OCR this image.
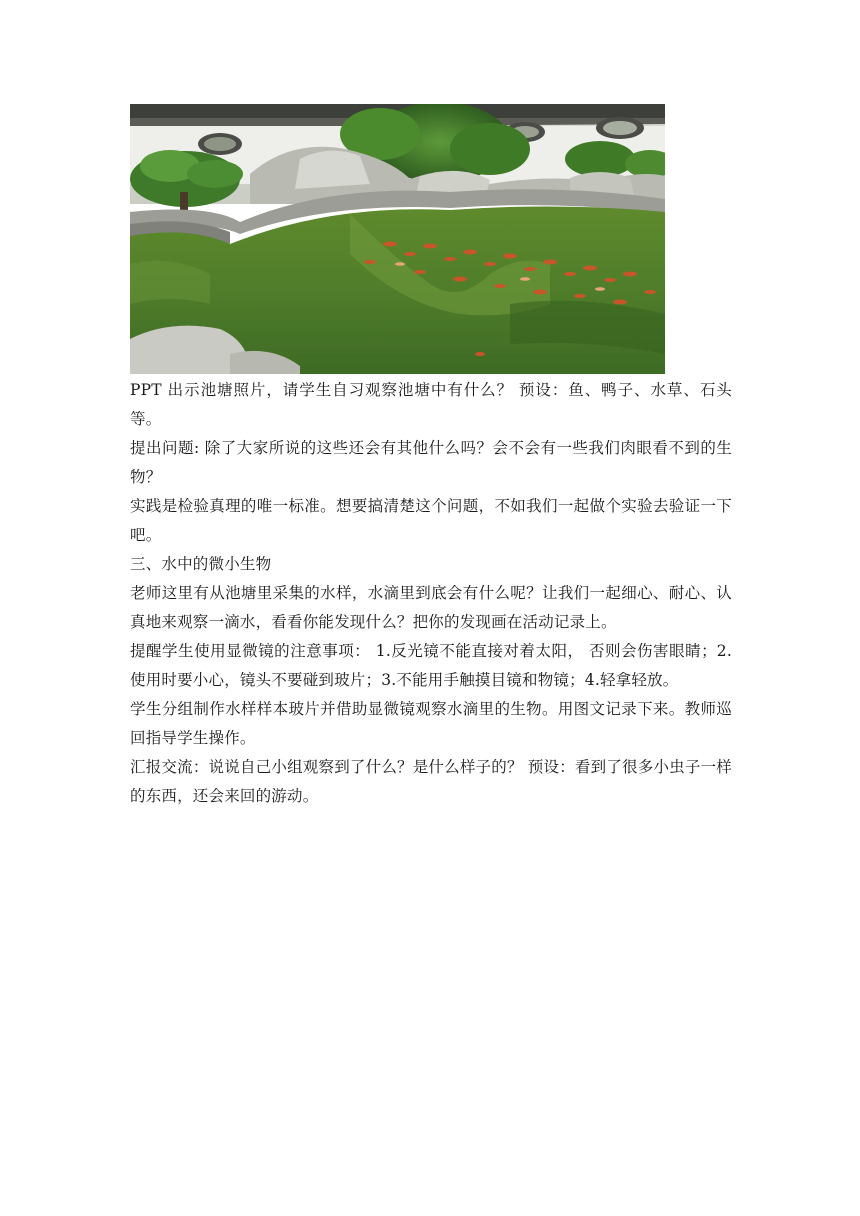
PPT 出示池塘照片，请学生自习观察池塘中有什么？ 预设：鱼、鸭子、水草、石头等。

提出问题: 除了大家所说的这些还会有其他什么吗？会不会有一些我们肉眼看不到的生物？

实践是检验真理的唯一标准。想要搞清楚这个问题，不如我们一起做个实验去验证一下吧。

三、水中的微小生物

老师这里有从池塘里采集的水样，水滴里到底会有什么呢？让我们一起细心、耐心、认真地来观察一滴水，看看你能发现什么？把你的发现画在活动记录上。

提醒学生使用显微镜的注意事项： 1.反光镜不能直接对着太阳， 否则会伤害眼睛；2.使用时要小心，镜头不要碰到玻片；3.不能用手触摸目镜和物镜；4.轻拿轻放。

学生分组制作水样样本玻片并借助显微镜观察水滴里的生物。用图文记录下来。教师巡回指导学生操作。

汇报交流：说说自己小组观察到了什么？是什么样子的？ 预设：看到了很多小虫子一样的东西，还会来回的游动。
